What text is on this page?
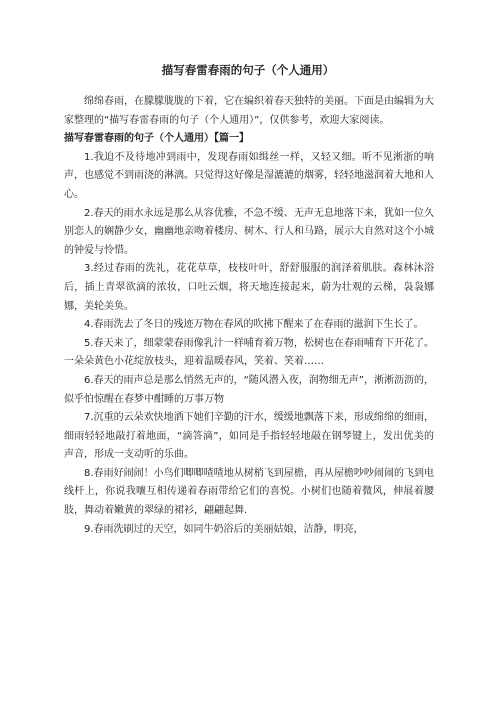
描写春雷春雨的句子（个人通用）

绵绵春雨，在朦朦胧胧的下着，它在编织着春天独特的美丽。下面是由编辑为大家整理的“描写春雷春雨的句子（个人通用）”，仅供参考，欢迎大家阅读。

描写春雷春雨的句子（个人通用）【篇一】

1.我迫不及待地冲到雨中，发现春雨如缉丝一样，又轻又细。听不见淅浙的响声，也感觉不到雨浇的淋漓。只觉得这好像是湿漉漉的烟雾，轻轻地滋润着大地和人心。

2.春天的雨水永远是那么从容优雅，不急不缓、无声无息地落下来，犹如一位久别恋人的娴静少女，幽幽地亲吻着楼房、树木、行人和马路，展示大自然对这个小城的钟爱与怜惜。

3.经过春雨的洗礼，花花草草，枝枝叶叶，舒舒服服的润泽着肌肤。森林沐浴后，插上青翠欲滴的浓妆，口吐云烟，将天地连接起来，蔚为壮观的云梯，袅袅娜娜，美轮美奂。

4.春雨洗去了冬日的残迹万物在春风的吹拂下醒来了在春雨的滋润下生长了。

5.春天来了，细蒙蒙春雨像乳汁一样哺育着万物，松树也在春雨哺育下开花了。一朵朵黄色小花绽放枝头，迎着温暖春风，笑着、笑着……

6.春天的雨声总是那么悄然无声的，“随风潜入夜，润物细无声”，淅淅沥沥的，似乎怕惊醒在春梦中酣睡的万事万物

7.沉重的云朵欢快地洒下她们辛勤的汗水，缓缓地飘落下来，形成绵绵的细雨，细雨轻轻地敲打着地面，“滴答滴”，如同是手指轻轻地敲在钢琴键上，发出优美的声音，形成一支动听的乐曲。

8.春雨好闹闹！小鸟们唧唧喳喳地从树梢飞到屋檐，再从屋檐吵吵闹闹的飞到电线杆上，你说我嚷互相传递着春雨带给它们的喜悦。小树们也随着微风，伸展着腰肢，舞动着嫩黄的翠绿的裙衫，翩翩起舞.

9.春雨洗刷过的天空，如同牛奶浴后的美丽姑娘，洁静，明亮，
